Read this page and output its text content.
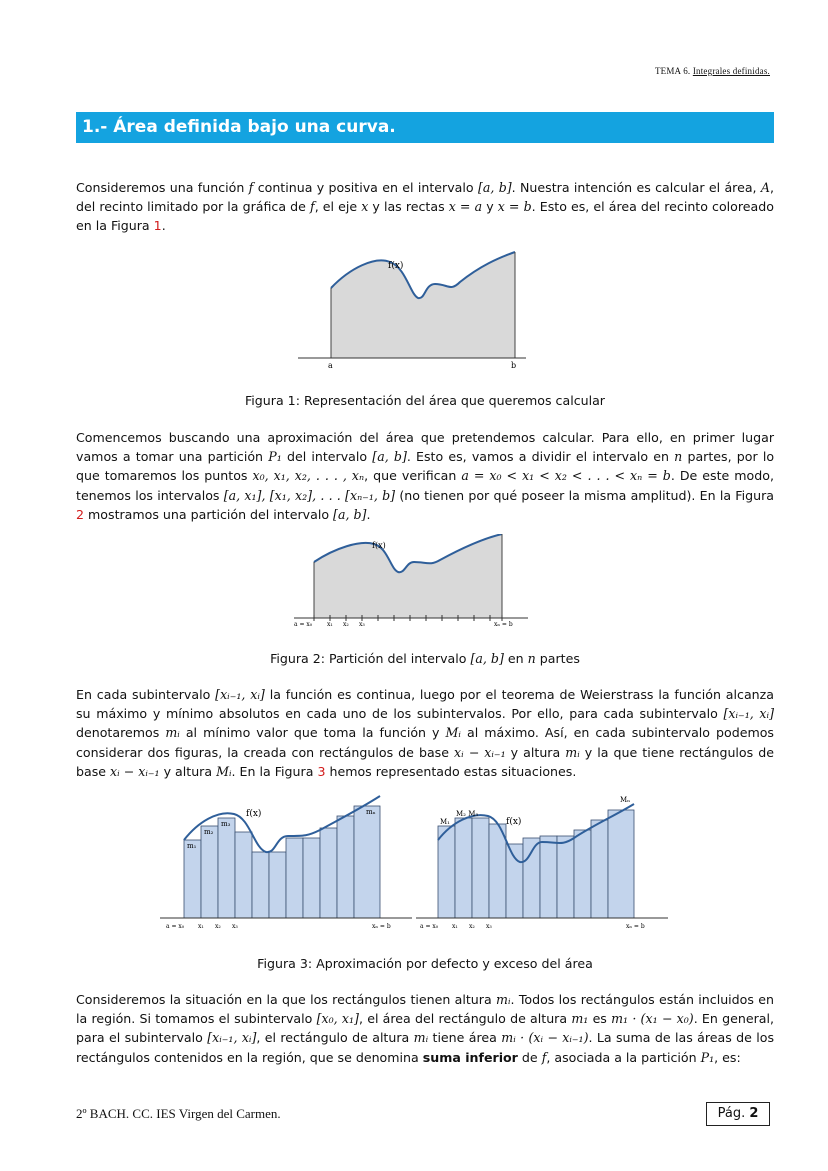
TEMA 6. Integrales definidas.
1.- Área definida bajo una curva.
Consideremos una función f continua y positiva en el intervalo [a, b]. Nuestra intención es calcular el área, A, del recinto limitado por la gráfica de f, el eje x y las rectas x = a y x = b. Esto es, el área del recinto coloreado en la Figura 1.
f(x)
a	b
Figura 1: Representación del área que queremos calcular
Comencemos buscando una aproximación del área que pretendemos calcular. Para ello, en primer lugar vamos a tomar una partición P₁ del intervalo [a, b]. Esto es, vamos a dividir el intervalo en n partes, por lo que tomaremos los puntos x₀, x₁, x₂, . . . , xₙ, que verifican a = x₀ < x₁ < x₂ < . . . < xₙ = b. De este modo, tenemos los intervalos [a, x₁], [x₁, x₂], . . . [xₙ₋₁, b] (no tienen por qué poseer la misma amplitud). En la Figura 2 mostramos una partición del intervalo [a, b].
f(x)
a = x₀ x₁ x₂ x₃	xₙ = b
Figura 2: Partición del intervalo [a, b] en n partes
En cada subintervalo [xᵢ₋₁, xᵢ] la función es continua, luego por el teorema de Weierstrass la función alcanza su máximo y mínimo absolutos en cada uno de los subintervalos. Por ello, para cada subintervalo [xᵢ₋₁, xᵢ] denotaremos mᵢ al mínimo valor que toma la función y Mᵢ al máximo. Así, en cada subintervalo podemos considerar dos figuras, la creada con rectángulos de base xᵢ − xᵢ₋₁ y altura mᵢ y la que tiene rectángulos de base xᵢ − xᵢ₋₁ y altura Mᵢ. En la Figura 3 hemos representado estas situaciones.
f(x)
m₁
m₂
m₃
mₙ
a = x₀ x₁ x₂ x₃	xₙ = b
f(x)
M₁
M₂ M₃
Mₙ
a = x₀ x₁ x₂ x₃	xₙ = b
Figura 3: Aproximación por defecto y exceso del área
Consideremos la situación en la que los rectángulos tienen altura mᵢ. Todos los rectángulos están incluidos en la región. Si tomamos el subintervalo [x₀, x₁], el área del rectángulo de altura m₁ es m₁ · (x₁ − x₀). En general, para el subintervalo [xᵢ₋₁, xᵢ], el rectángulo de altura mᵢ tiene área mᵢ · (xᵢ − xᵢ₋₁). La suma de las áreas de los rectángulos contenidos en la región, que se denomina suma inferior de f, asociada a la partición P₁, es:
2º BACH. CC. IES Virgen del Carmen.	Pág. 2
